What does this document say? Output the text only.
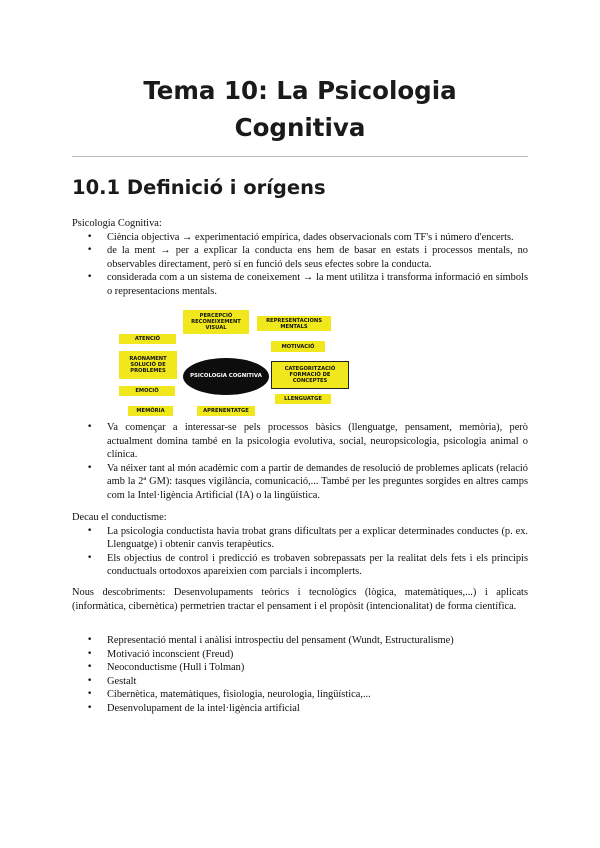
Tema 10: La Psicologia
Cognitiva
10.1 Definició i orígens

Psicologia Cognitiva:

• Ciència objectiva → experimentació empírica, dades observacionals com TF's i número d'encerts.
• de la ment → per a explicar la conducta ens hem de basar en estats i processos mentals, no observables directament, però sí en funció dels seus efectes sobre la conducta.
• considerada com a un sistema de coneixement → la ment utilitza i transforma informació en símbols o representacions mentals.
PERCEPCIÓ RECONEIXEMENT VISUAL
REPRESENTACIONS MENTALS
ATENCIÓ
MOTIVACIÓ
RAONAMENT SOLUCIÓ DE PROBLEMES
PSICOLOGIA COGNITIVA
CATEGORITZACIÓ FORMACIÓ DE CONCEPTES
EMOCIÓ
LLENGUATGE
MEMÒRIA	APRENENTATGE
• Va començar a interessar-se pels processos bàsics (llenguatge, pensament, memòria), però actualment domina també en la psicologia evolutiva, social, neuropsicologia, psicologia animal o clínica.
• Va néixer tant al món acadèmic com a partir de demandes de resolució de problemes aplicats (relació amb la 2ª GM): tasques vigilància, comunicació,... També per les preguntes sorgides en altres camps com la Intel·ligència Artificial (IA) o la lingüística.

Decau el conductisme:

• La psicologia conductista havia trobat grans dificultats per a explicar determinades conductes (p. ex. Llenguatge) i obtenir canvis terapèutics.
• Els objectius de control i predicció es trobaven sobrepassats per la realitat dels fets i els principis conductuals ortodoxos apareixien com parcials i incomplerts.

Nous descobriments: Desenvolupaments teòrics i tecnològics (lògica, matemàtiques,...) i aplicats (informàtica, cibernètica) permetrien tractar el pensament i el propòsit (intencionalitat) de forma científica.

• Representació mental i anàlisi introspectiu del pensament (Wundt, Estructuralisme)
• Motivació inconscient (Freud)
• Neoconductisme (Hull i Tolman)
• Gestalt
• Cibernètica, matemàtiques, fisiologia, neurologia, lingüística,...
• Desenvolupament de la intel·ligència artificial
